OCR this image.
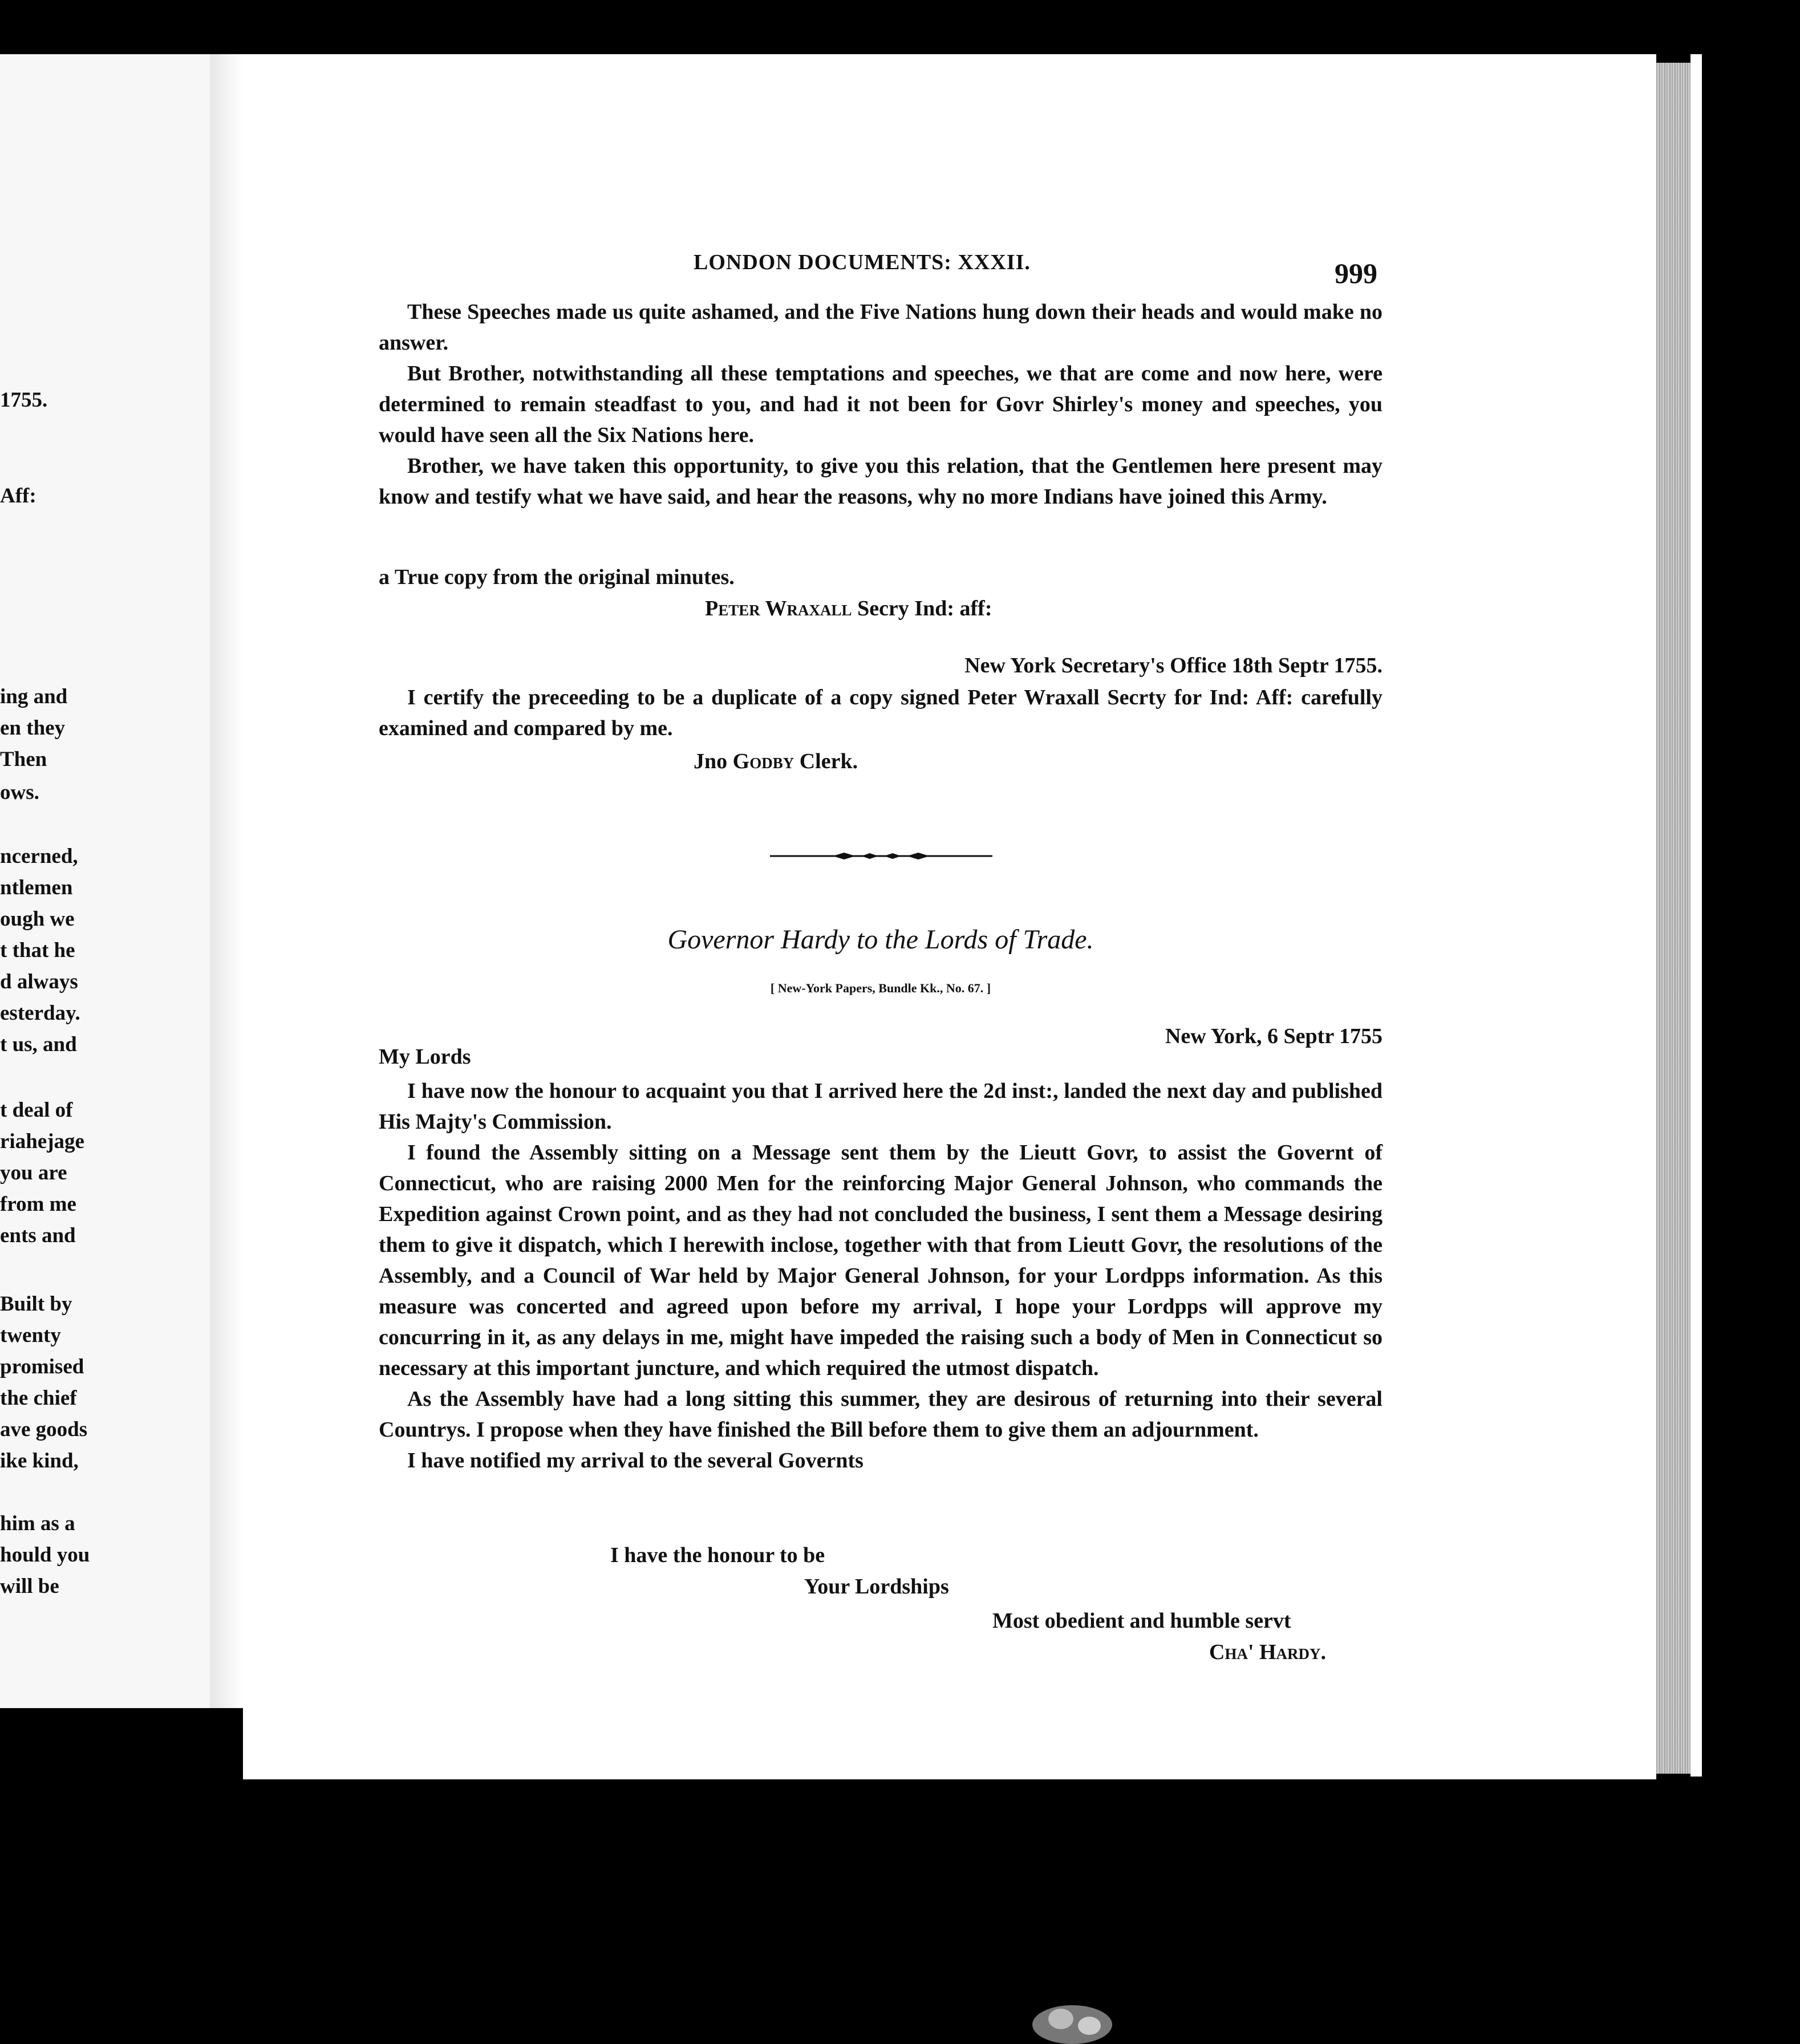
1755.
Aff:
ing and
en they
Then
ows.
ncerned,
ntlemen
ough we
t that he
d always
esterday.
t us, and
t deal of
riahejage
you are
from me
ents and
Built by
twenty
promised
the chief
ave goods
ike kind,
him as a
hould you
will be
LONDON DOCUMENTS: XXXII.	999

These Speeches made us quite ashamed, and the Five Nations hung down their heads and would make no answer.

But Brother, notwithstanding all these temptations and speeches, we that are come and now here, were determined to remain steadfast to you, and had it not been for Govr Shirley's money and speeches, you would have seen all the Six Nations here.

Brother, we have taken this opportunity, to give you this relation, that the Gentlemen here present may know and testify what we have said, and hear the reasons, why no more Indians have joined this Army.

a True copy from the original minutes.
Peter Wraxall Secry Ind: aff:
New York Secretary's Office 18th Septr 1755.

I certify the preceeding to be a duplicate of a copy signed Peter Wraxall Secrty for Ind: Aff: carefully examined and compared by me.

Jno Godby Clerk.
Governor Hardy to the Lords of Trade.
[ New-York Papers, Bundle Kk., No. 67. ]
New York, 6 Septr 1755
My Lords

I have now the honour to acquaint you that I arrived here the 2d inst:, landed the next day and published His Majty's Commission.

I found the Assembly sitting on a Message sent them by the Lieutt Govr, to assist the Governt of Connecticut, who are raising 2000 Men for the reinforcing Major General Johnson, who commands the Expedition against Crown point, and as they had not concluded the business, I sent them a Message desiring them to give it dispatch, which I herewith inclose, together with that from Lieutt Govr, the resolutions of the Assembly, and a Council of War held by Major General Johnson, for your Lordpps information. As this measure was concerted and agreed upon before my arrival, I hope your Lordpps will approve my concurring in it, as any delays in me, might have impeded the raising such a body of Men in Connecticut so necessary at this important juncture, and which required the utmost dispatch.

As the Assembly have had a long sitting this summer, they are desirous of returning into their several Countrys. I propose when they have finished the Bill before them to give them an adjournment.

I have notified my arrival to the several Governts

I have the honour to be
Your Lordships
Most obedient and humble servt
Cha' Hardy.
